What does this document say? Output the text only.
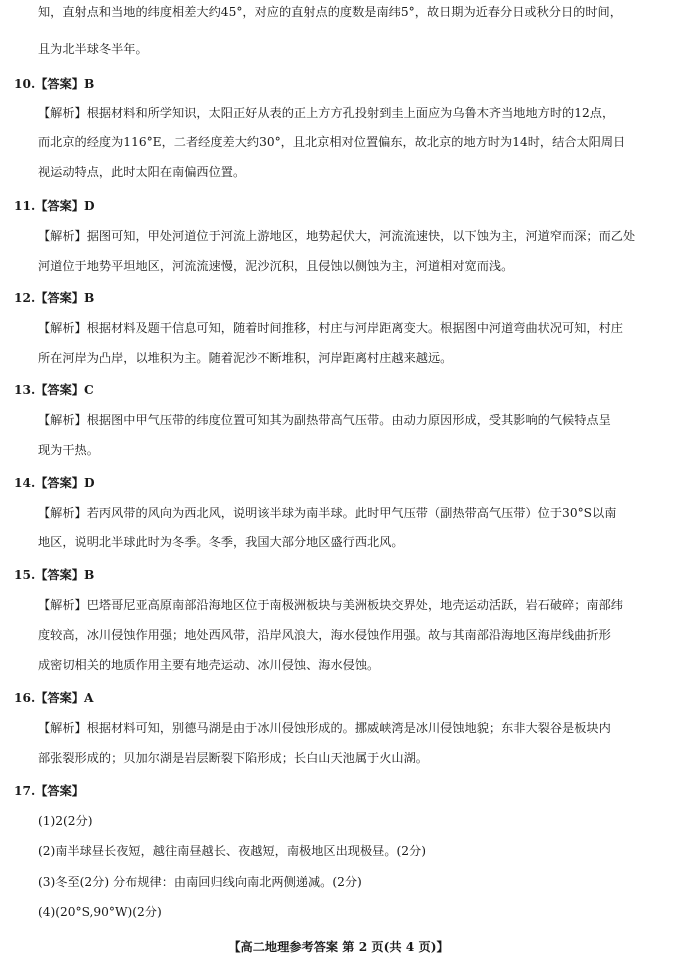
知，直射点和当地的纬度相差大约45°，对应的直射点的度数是南纬5°，故日期为近春分日或秋分日的时间，
且为北半球冬半年。
10.【答案】B
【解析】根据材料和所学知识，太阳正好从表的正上方方孔投射到圭上面应为乌鲁木齐当地地方时的12点，
而北京的经度为116°E，二者经度差大约30°，且北京相对位置偏东，故北京的地方时为14时，结合太阳周日
视运动特点，此时太阳在南偏西位置。
11.【答案】D
【解析】据图可知，甲处河道位于河流上游地区，地势起伏大，河流流速快，以下蚀为主，河道窄而深；而乙处
河道位于地势平坦地区，河流流速慢，泥沙沉积，且侵蚀以侧蚀为主，河道相对宽而浅。
12.【答案】B
【解析】根据材料及题干信息可知，随着时间推移，村庄与河岸距离变大。根据图中河道弯曲状况可知，村庄
所在河岸为凸岸，以堆积为主。随着泥沙不断堆积，河岸距离村庄越来越远。
13.【答案】C
【解析】根据图中甲气压带的纬度位置可知其为副热带高气压带。由动力原因形成，受其影响的气候特点呈
现为干热。
14.【答案】D
【解析】若丙风带的风向为西北风，说明该半球为南半球。此时甲气压带（副热带高气压带）位于30°S以南
地区，说明北半球此时为冬季。冬季，我国大部分地区盛行西北风。
15.【答案】B
【解析】巴塔哥尼亚高原南部沿海地区位于南极洲板块与美洲板块交界处，地壳运动活跃，岩石破碎；南部纬
度较高，冰川侵蚀作用强；地处西风带，沿岸风浪大，海水侵蚀作用强。故与其南部沿海地区海岸线曲折形
成密切相关的地质作用主要有地壳运动、冰川侵蚀、海水侵蚀。
16.【答案】A
【解析】根据材料可知，别德马湖是由于冰川侵蚀形成的。挪威峡湾是冰川侵蚀地貌；东非大裂谷是板块内
部张裂形成的；贝加尔湖是岩层断裂下陷形成；长白山天池属于火山湖。
17.【答案】
(1)2(2分)
(2)南半球昼长夜短，越往南昼越长、夜越短，南极地区出现极昼。(2分)
(3)冬至(2分) 分布规律：由南回归线向南北两侧递减。(2分)
(4)(20°S,90°W)(2分)
【高二地理参考答案 第 2 页(共 4 页)】
